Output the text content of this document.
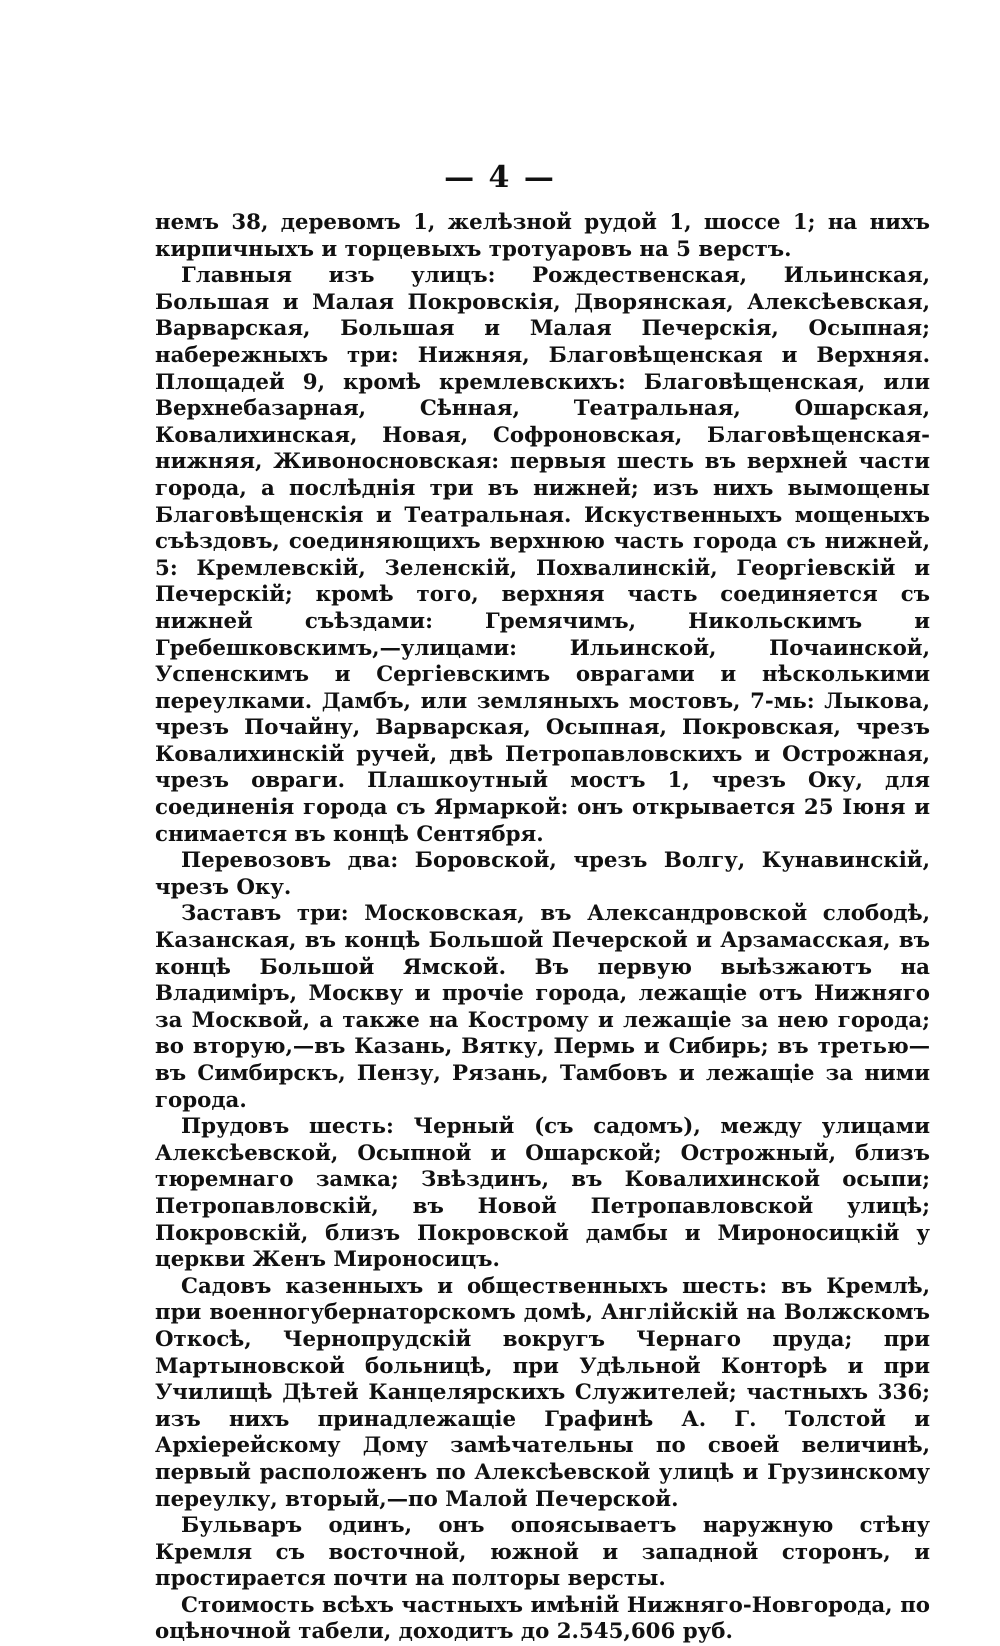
— 4 —

немъ 38, деревомъ 1, желѣзной рудой 1, шоссе 1; на нихъ кирпичныхъ и торцевыхъ тротуаровъ на 5 верстъ.

Главныя изъ улицъ: Рождественская, Ильинская, Большая и Малая Покровскія, Дворянская, Алексѣевская, Варварская, Большая и Малая Печерскія, Осыпная; набережныхъ три: Нижняя, Благовѣщенская и Верхняя. Площадей 9, кромѣ кремлевскихъ: Благовѣщенская, или Верхнебазарная, Сѣнная, Театральная, Ошарская, Ковалихинская, Новая, Софроновская, Благовѣщенская-нижняя, Живоносновская: первыя шесть въ верхней части города, а послѣднія три въ нижней; изъ нихъ вымощены Благовѣщенскія и Театральная. Искуственныхъ мощеныхъ съѣздовъ, соединяющихъ верхнюю часть города съ нижней, 5: Кремлевскій, Зеленскій, Похвалинскій, Георгіевскій и Печерскій; кромѣ того, верхняя часть соединяется съ нижней съѣздами: Гремячимъ, Никольскимъ и Гребешковскимъ,—улицами: Ильинской, Почаинской, Успенскимъ и Сергіевскимъ оврагами и нѣсколькими переулками. Дамбъ, или земляныхъ мостовъ, 7-мь: Лыкова, чрезъ Почайну, Варварская, Осыпная, Покровская, чрезъ Ковалихинскій ручей, двѣ Петропавловскихъ и Острожная, чрезъ овраги. Плашкоутный мостъ 1, чрезъ Оку, для соединенія города съ Ярмаркой: онъ открывается 25 Іюня и снимается въ концѣ Сентября.

Перевозовъ два: Боровской, чрезъ Волгу, Кунавинскій, чрезъ Оку.

Заставъ три: Московская, въ Александровской слободѣ, Казанская, въ концѣ Большой Печерской и Арзамасская, въ концѣ Большой Ямской. Въ первую выѣзжаютъ на Владиміръ, Москву и прочіе города, лежащіе отъ Нижняго за Москвой, а также на Кострому и лежащіе за нею города; во вторую,—въ Казань, Вятку, Пермь и Сибирь; въ третью—въ Симбирскъ, Пензу, Рязань, Тамбовъ и лежащіе за ними города.

Прудовъ шесть: Черный (съ садомъ), между улицами Алексѣевской, Осыпной и Ошарской; Острожный, близъ тюремнаго замка; Звѣздинъ, въ Ковалихинской осыпи; Петропавловскій, въ Новой Петропавловской улицѣ; Покровскій, близъ Покровской дамбы и Мироносицкій у церкви Женъ Мироносицъ.

Садовъ казенныхъ и общественныхъ шесть: въ Кремлѣ, при военногубернаторскомъ домѣ, Англійскій на Волжскомъ Откосѣ, Чернопрудскій вокругъ Чернаго пруда; при Мартыновской больницѣ, при Удѣльной Конторѣ и при Училищѣ Дѣтей Канцелярскихъ Служителей; частныхъ 336; изъ нихъ принадлежащіе Графинѣ А. Г. Толстой и Архіерейскому Дому замѣчательны по своей величинѣ, первый расположенъ по Алексѣевской улицѣ и Грузинскому переулку, вторый,—по Малой Печерской.

Бульваръ одинъ, онъ опоясываетъ наружную стѣну Кремля съ восточной, южной и западной сторонъ, и простирается почти на полторы версты.

Стоимость всѣхъ частныхъ имѣній Нижняго-Новгорода, по оцѣночной табели, доходитъ до 2.545,606 руб.
